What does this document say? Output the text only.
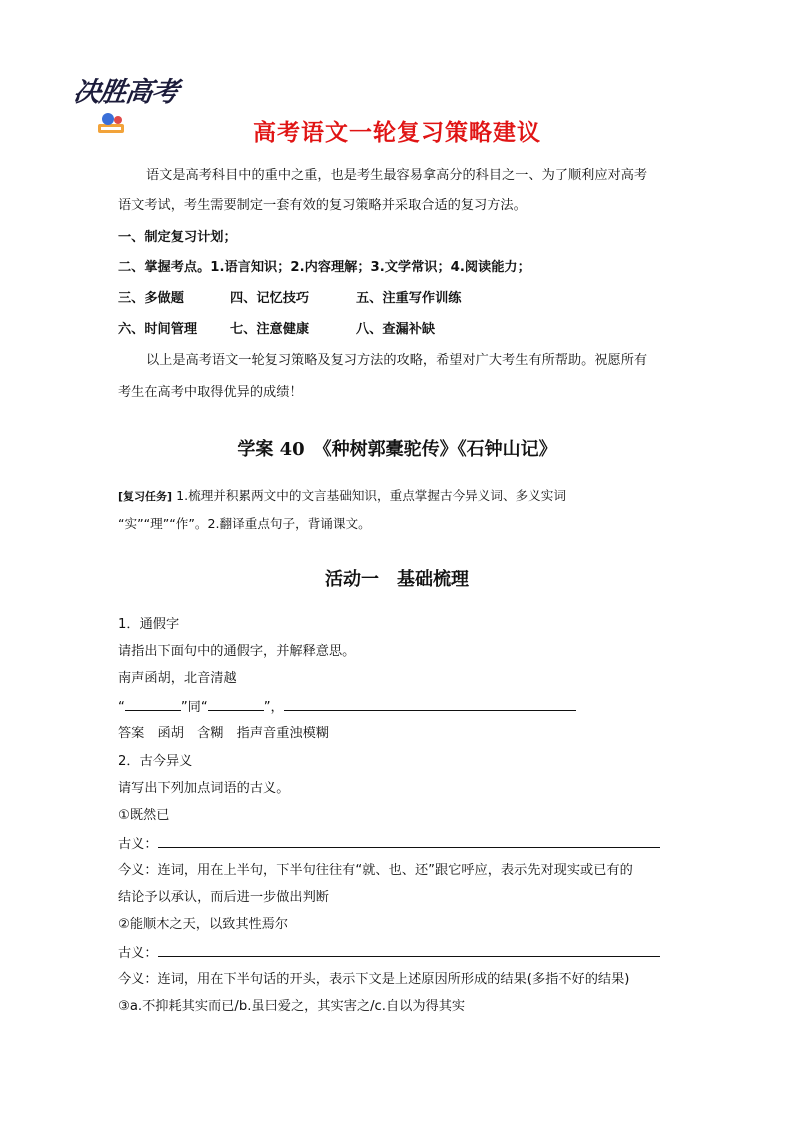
决胜高考
高考语文一轮复习策略建议
语文是高考科目中的重中之重，也是考生最容易拿高分的科目之一、为了顺利应对高考
语文考试，考生需要制定一套有效的复习策略并采取合适的复习方法。
一、制定复习计划；
二、掌握考点。1.语言知识；2.内容理解；3.文学常识；4.阅读能力；
三、多做题	四、记忆技巧	五、注重写作训练
六、时间管理 七、注意健康	八、查漏补缺
以上是高考语文一轮复习策略及复习方法的攻略，希望对广大考生有所帮助。祝愿所有
考生在高考中取得优异的成绩！
学案 40　《种树郭橐驼传》《石钟山记》
[复习任务] 1.梳理并积累两文中的文言基础知识，重点掌握古今异义词、多义实词
“实”“理”“作”。2.翻译重点句子，背诵课文。
活动一　基础梳理
1．通假字
请指出下面句中的通假字，并解释意思。
南声函胡，北音清越
“	”同“	”，
答案　函胡　含糊　指声音重浊模糊
2．古今异义
请写出下列加点词语的古义。
①既然已
古义：
今义：连词，用在上半句，下半句往往有“就、也、还”跟它呼应，表示先对现实或已有的
结论予以承认，而后进一步做出判断
②能顺木之天，以致其性焉尔
古义：
今义：连词，用在下半句话的开头，表示下文是上述原因所形成的结果(多指不好的结果)
③a.不抑耗其实而已/b.虽曰爱之，其实害之/c.自以为得其实
